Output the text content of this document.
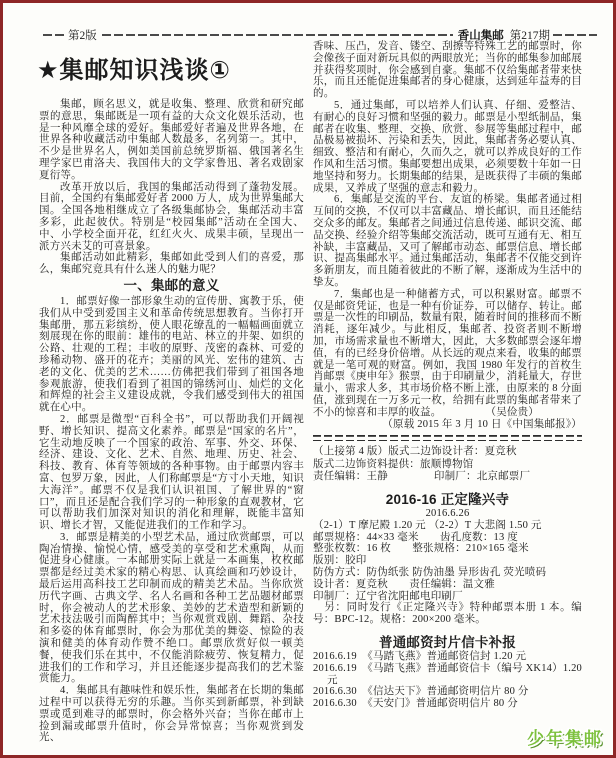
第2版	香山集邮 第217期
★集邮知识浅谈①

集邮，顾名思义，就是收集、整理、欣赏和研究邮票的意思，集邮既是一项有益的大众文化娱乐活动，也是一种风靡全球的爱好。集邮爱好者遍及世界各地，在世界各种收藏活动中集邮人数最多，名列第一。其中，不少是世界名人，例如美国前总统罗斯福、俄国著名生理学家巴甫洛夫、我国伟大的文学家鲁迅、著名戏剧家夏衍等。

改革开放以后，我国的集邮活动得到了蓬勃发展。目前，全国约有集邮爱好者 2000 万人，成为世界集邮大国。全国各地相继成立了各级集邮协会，集邮活动丰富多彩，此起彼伏。特别是“校园集邮”活动在全国大、中、小学校全面开花，红红火火、成果丰硕，呈现出一派方兴未艾的可喜景象。

集邮活动如此精彩，集邮如此受到人们的喜爱，那么，集邮究竟具有什么迷人的魅力呢？

一、集邮的意义

1．邮票好像一部形象生动的宣传册、寓教于乐，使我们从中受到爱国主义和革命传统思想教育。当你打开集邮册，那五彩缤纷，使人眼花缭乱的一幅幅画面就立刻展现在你的眼前：雄伟的电站、林立的井架、如织的公路、壮观的工程；丰收的原野、茂密的森林、可爱的珍稀动物、盛开的花卉；美丽的风光、宏伟的建筑、古老的文化、优美的艺术……仿佛把我们带到了祖国各地参观旅游，使我们看到了祖国的锦绣河山、灿烂的文化和辉煌的社会主义建设成就，令我们感受到伟大的祖国就在心中。

2．邮票是微型“百科全书”，可以帮助我们开阔视野、增长知识、提高文化素养。邮票是“国家的名片”，它生动地反映了一个国家的政治、军事、外交、环保、经济、建设、文化、艺术、自然、地理、历史、社会、科技、教育、体育等领域的各种事物。由于邮票内容丰富、包罗万象，因此，人们称邮票是“方寸小天地，知识大海洋”。邮票不仅是我们认识祖国、了解世界的“窗口”，而且还是配合我们学习的一种形象的直观教材，它可以帮助我们加深对知识的消化和理解，既能丰富知识、增长才智，又能促进我们的工作和学习。

3．邮票是精美的小型艺术品，通过欣赏邮票，可以陶冶情操、愉悦心情，感受美的享受和艺术熏陶，从而促进身心健康。一本邮册实际上就是一本画集，枚枚邮票都是经过美术家的精心构思、认真绘画和巧妙设计，最后运用高科技工艺印制而成的精美艺术品。当你欣赏历代字画、古典文学、名人名画和各种工艺品题材邮票时，你会被动人的艺术形象、美妙的艺术造型和新颖的艺术技法吸引而陶醉其中；当你观赏戏剧、舞蹈、杂技和多姿的体育邮票时，你会为那优美的舞姿、惊险的表演和健美的体育动作赞不绝口。邮票欣赏好似一顿美餐，使我们乐在其中，不仅能消除疲劳、恢复精力，促进我们的工作和学习，并且还能逐步提高我们的艺术鉴赏能力。

4．集邮具有趣味性和娱乐性，集邮者在长期的集邮过程中可以获得无穷的乐趣。当你买到新邮票，补到缺票或觅到难寻的邮票时，你会格外兴奋；当你在邮市上捡到漏或邮票升值时，你会异常惊喜；当你观赏到发光、

香味、压凸，发音、镂空、刮擦等特殊工艺的邮票时，你会像孩子面对新玩具似的两眼放光；当你的邮集参加邮展并获得奖项时，你会感到自豪。集邮不仅给集邮者带来快乐，而且还能促进集邮者的身心健康，达到延年益寿的目的。

5．通过集邮，可以培养人们认真、仔细、爱整洁、有耐心的良好习惯和坚强的毅力。邮票是小型纸制品，集邮者在收集、整理、交换、欣赏、参展等集邮过程中，邮品极易被损坏、污染和丢失，因此，集邮者务必要认真、细致、整洁和有耐心，久而久之，就可以养成良好的工作作风和生活习惯。集邮要想出成果，必须要数十年如一日地坚持和努力。长期集邮的结果，是既获得了丰硕的集邮成果，又养成了坚强的意志和毅力。

6．集邮是交流的平台、友谊的桥梁。集邮者通过相互间的交换，不仅可以丰富藏品、增长邮识，而且还能结交众多的邮友。集邮者之间通过信息传递、邮识交流、邮品交换、经验介绍等集邮交流活动，既可互通有无、相互补缺，丰富藏品，又可了解邮市动态、邮票信息、增长邮识、提高集邮水平。通过集邮活动，集邮者不仅能交到许多新朋友，而且随着彼此的不断了解，逐渐成为生活中的挚友。

7．集邮也是一种储蓄方式，可以积累财富。邮票不仅是邮资凭证，也是一种有价证券，可以储存、转让。邮票是一次性的印刷品，数量有限，随着时间的推移而不断消耗，逐年减少。与此相反，集邮者、投资者则不断增加，市场需求量也不断增大，因此，大多数邮票会逐年增值，有的已经身价倍增。从长远的观点来看，收集的邮票就是一笔可观的财富。例如，我国 1980 年发行的首枚生肖邮票《庚申年》猴票，由于印刷量少，消耗量大，存世量小，需求人多，其市场价格不断上涨，由原来的 8 分面值，涨到现在一万多元一枚，给拥有此票的集邮者带来了不小的惊喜和丰厚的收益。	（吴俭贵）

（原载 2015 年 3 月 10 日《中国集邮报》）

（上接第 4 版）版式二边饰设计者：夏竞秋

版式二边饰资料提供：旅顺博物馆

责任编辑：王静	印制厂：北京邮票厂
2016-16 正定隆兴寺

2016.6.26

（2-1）T 摩尼殿 1.20 元 （2-2）T 大悲阁 1.50 元

邮票规格：44×33 毫米　　齿孔度数：13 度

整张枚数：16 枚　　整张规格：210×165 毫米

版别：胶印

防伪方式：防伪纸张 防伪油墨 异形齿孔 荧光喷码

设计者：夏竞秋　　责任编辑：温文雅

印制厂：辽宁省沈阳邮电印刷厂

　另：同时发行《正定隆兴寺》特种邮票本册 1 本。编号：BPC-12。规格：200×200 毫米。

普通邮资封片信卡补报

2016.6.19　《马踏飞燕》普通邮资信封 1.20 元

2016.6.19　《马踏飞燕》普通邮资信卡（编号 XK14）1.20 元

2016.6.30　《信达天下》普通邮资明信片 80 分

2016.6.30　《天安门》普通邮资明信片 80 分

少年集邮
